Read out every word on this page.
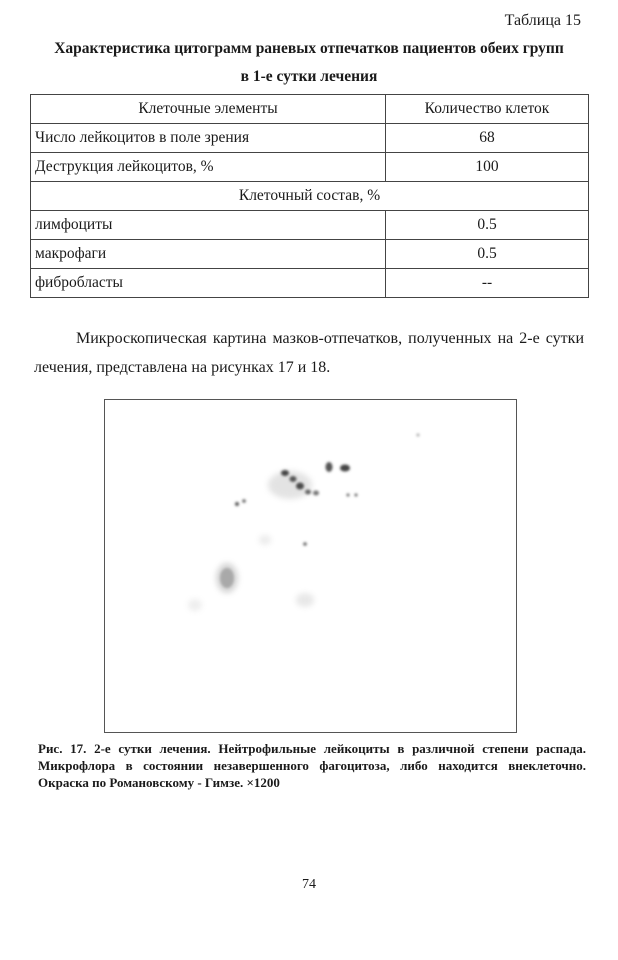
Таблица 15
Характеристика цитограмм раневых отпечатков пациентов обеих групп
в 1-е сутки лечения
Клеточные элементы	Количество клеток
Число лейкоцитов в поле зрения	68
Деструкция лейкоцитов, %	100
Клеточный состав, %	
лимфоциты	0.5
макрофаги	0.5
фибробласты	--

Микроскопическая картина мазков-отпечатков, полученных на 2-е сутки лечения, представлена на рисунках 17 и 18.

Рис. 17. 2-е сутки лечения. Нейтрофильные лейкоциты в различной степени распада. Микрофлора в состоянии незавершенного фагоцитоза, либо находится внеклеточно. Окраска по Романовскому - Гимзе. ×1200

74
